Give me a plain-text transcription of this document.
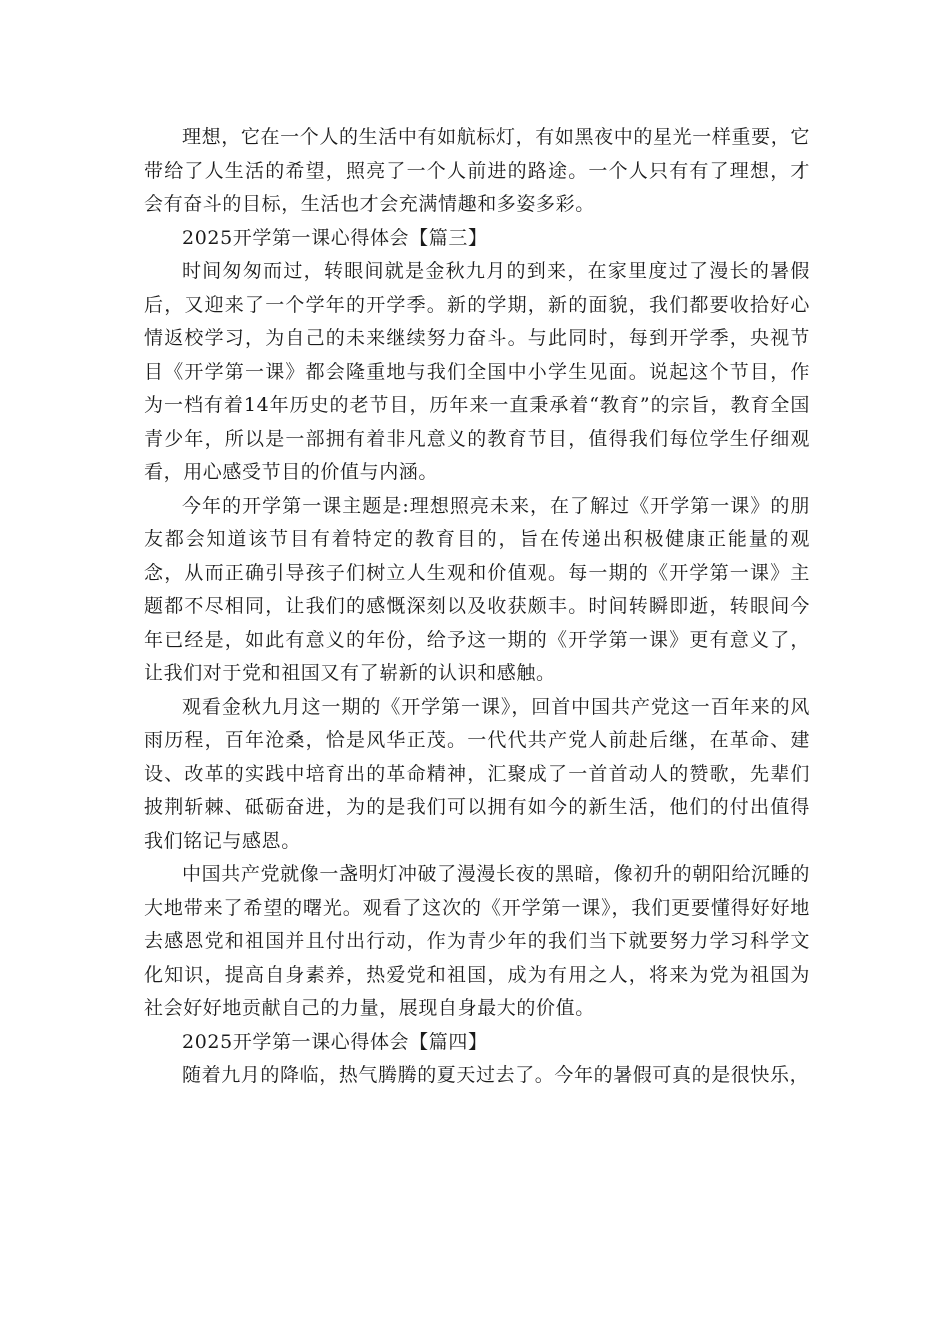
理想，它在一个人的生活中有如航标灯，有如黑夜中的星光一样重要，它带给了人生活的希望，照亮了一个人前进的路途。一个人只有有了理想，才会有奋斗的目标，生活也才会充满情趣和多姿多彩。

2025开学第一课心得体会【篇三】

时间匆匆而过，转眼间就是金秋九月的到来，在家里度过了漫长的暑假后，又迎来了一个学年的开学季。新的学期，新的面貌，我们都要收拾好心情返校学习，为自己的未来继续努力奋斗。与此同时，每到开学季，央视节目《开学第一课》都会隆重地与我们全国中小学生见面。说起这个节目，作为一档有着14年历史的老节目，历年来一直秉承着“教育”的宗旨，教育全国青少年，所以是一部拥有着非凡意义的教育节目，值得我们每位学生仔细观看，用心感受节目的价值与内涵。

今年的开学第一课主题是:理想照亮未来，在了解过《开学第一课》的朋友都会知道该节目有着特定的教育目的，旨在传递出积极健康正能量的观念，从而正确引导孩子们树立人生观和价值观。每一期的《开学第一课》主题都不尽相同，让我们的感慨深刻以及收获颇丰。时间转瞬即逝，转眼间今年已经是，如此有意义的年份，给予这一期的《开学第一课》更有意义了，让我们对于党和祖国又有了崭新的认识和感触。

观看金秋九月这一期的《开学第一课》，回首中国共产党这一百年来的风雨历程，百年沧桑，恰是风华正茂。一代代共产党人前赴后继，在革命、建设、改革的实践中培育出的革命精神，汇聚成了一首首动人的赞歌，先辈们披荆斩棘、砥砺奋进，为的是我们可以拥有如今的新生活，他们的付出值得我们铭记与感恩。

中国共产党就像一盏明灯冲破了漫漫长夜的黑暗，像初升的朝阳给沉睡的大地带来了希望的曙光。观看了这次的《开学第一课》，我们更要懂得好好地去感恩党和祖国并且付出行动，作为青少年的我们当下就要努力学习科学文化知识，提高自身素养，热爱党和祖国，成为有用之人，将来为党为祖国为社会好好地贡献自己的力量，展现自身最大的价值。

2025开学第一课心得体会【篇四】

随着九月的降临，热气腾腾的夏天过去了。今年的暑假可真的是很快乐，
